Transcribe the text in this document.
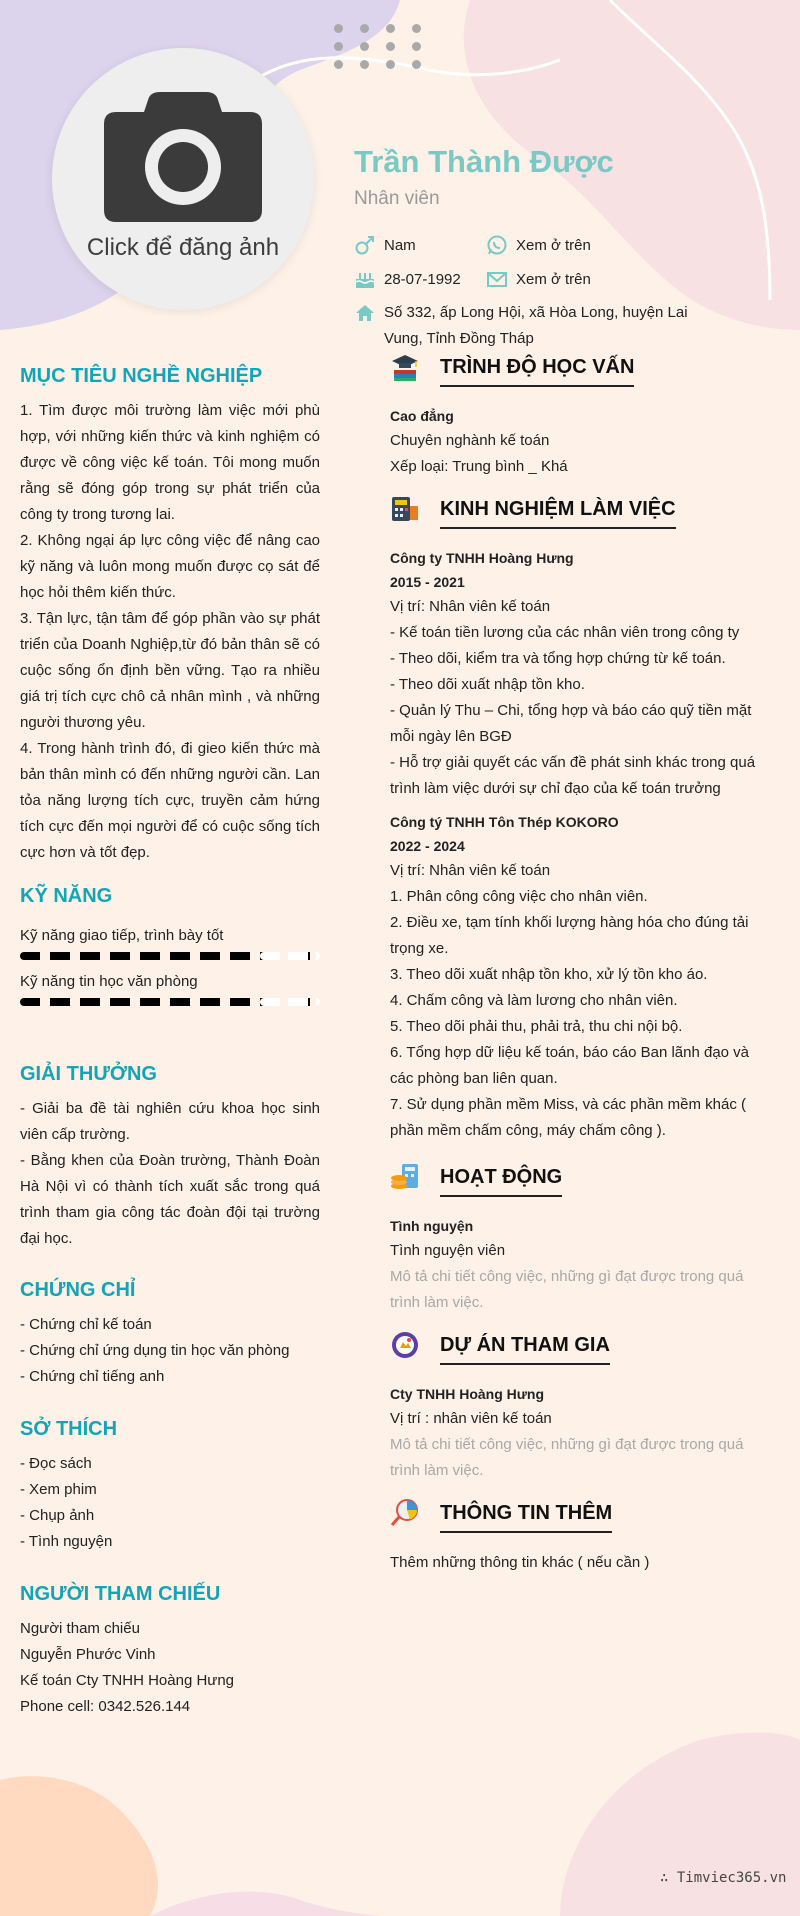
Click để đăng ảnh
Trần Thành Được
Nhân viên
Nam	Xem ở trên
28-07-1992	Xem ở trên
Số 332, ấp Long Hội, xã Hòa Long, huyện Lai
Vung, Tỉnh Đồng Tháp
MỤC TIÊU NGHỀ NGHIỆP

1. Tìm được môi trường làm việc mới phù hợp, với những kiến thức và kinh nghiệm có được về công việc kế toán. Tôi mong muốn rằng sẽ đóng góp trong sự phát triển của công ty trong tương lai.

2. Không ngại áp lực công việc để nâng cao kỹ năng và luôn mong muốn được cọ sát để học hỏi thêm kiến thức.

3. Tận lực, tận tâm để góp phần vào sự phát triển của Doanh Nghiệp,từ đó bản thân sẽ có cuộc sống ổn định bền vững. Tạo ra nhiều giá trị tích cực chô cả nhân mình , và những người thương yêu.

4. Trong hành trình đó, đi gieo kiến thức mà bản thân mình có đến những người cần. Lan tỏa năng lượng tích cực, truyền cảm hứng tích cực đến mọi người để có cuộc sống tích cực hơn và tốt đẹp.

KỸ NĂNG
Kỹ năng giao tiếp, trình bày tốt
Kỹ năng tin học văn phòng
GIẢI THƯỞNG

- Giải ba đề tài nghiên cứu khoa học sinh viên cấp trường.

- Bằng khen của Đoàn trường, Thành Đoàn Hà Nội vì có thành tích xuất sắc trong quá trình tham gia công tác đoàn đội tại trường đại học.

CHỨNG CHỈ

- Chứng chỉ kế toán

- Chứng chỉ ứng dụng tin học văn phòng

- Chứng chỉ tiếng anh

SỞ THÍCH

- Đọc sách

- Xem phim

- Chụp ảnh

- Tình nguyện

NGƯỜI THAM CHIẾU

Người tham chiếu

Nguyễn Phước Vinh

Kế toán Cty TNHH Hoàng Hưng

Phone cell: 0342.526.144

TRÌNH ĐỘ HỌC VẤN

Cao đẳng

Chuyên nghành kế toán

Xếp loại: Trung bình _ Khá

KINH NGHIỆM LÀM VIỆC

Công ty TNHH Hoàng Hưng

2015 - 2021

Vị trí: Nhân viên kế toán

- Kế toán tiền lương của các nhân viên trong công ty

- Theo dõi, kiểm tra và tổng hợp chứng từ kế toán.

- Theo dõi xuất nhập tồn kho.

- Quản lý Thu – Chi, tổng hợp và báo cáo quỹ tiền mặt mỗi ngày lên BGĐ

- Hỗ trợ giải quyết các vấn đề phát sinh khác trong quá trình làm việc dưới sự chỉ đạo của kế toán trưởng

Công tý TNHH Tôn Thép KOKORO

2022 - 2024

Vị trí: Nhân viên kế toán

1. Phân công công việc cho nhân viên.

2. Điều xe, tạm tính khối lượng hàng hóa cho đúng tải trọng xe.

3. Theo dõi xuất nhập tồn kho, xử lý tồn kho áo.

4. Chấm công và làm lương cho nhân viên.

5. Theo dõi phải thu, phải trả, thu chi nội bộ.

6. Tổng hợp dữ liệu kế toán, báo cáo Ban lãnh đạo và các phòng ban liên quan.

7. Sử dụng phần mềm Miss, và các phần mềm khác ( phần mềm chấm công, máy chấm công ).

HOẠT ĐỘNG

Tình nguyện

Tình nguyện viên

Mô tả chi tiết công việc, những gì đạt được trong quá trình làm việc.

DỰ ÁN THAM GIA

Cty TNHH Hoàng Hưng

Vị trí : nhân viên kế toán

Mô tả chi tiết công việc, những gì đạt được trong quá trình làm việc.

THÔNG TIN THÊM

Thêm những thông tin khác ( nếu cần )

∴ Timviec365.vn
